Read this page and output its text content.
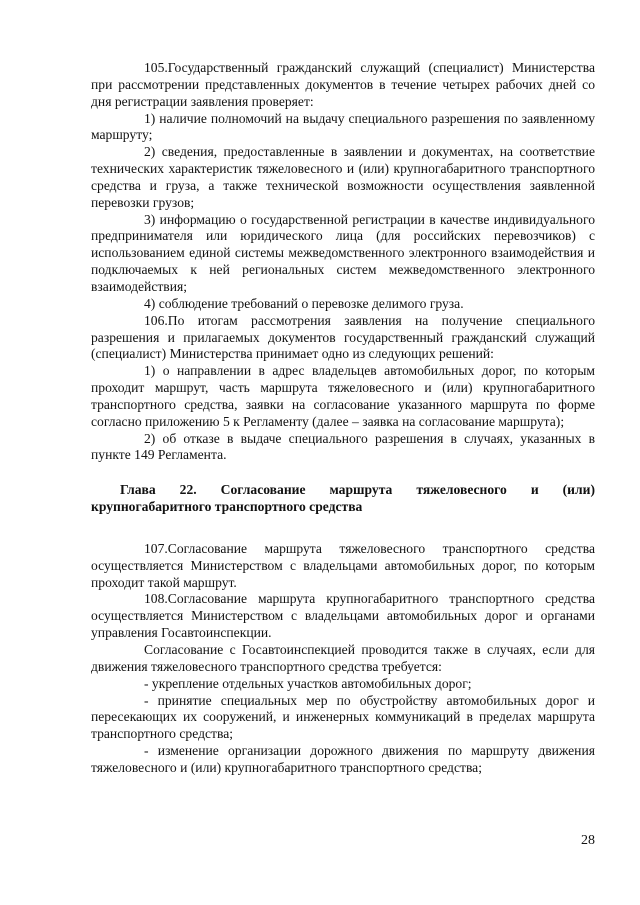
105.Государственный гражданский служащий (специалист) Министерства при рассмотрении представленных документов в течение четырех рабочих дней со дня регистрации заявления проверяет:

1) наличие полномочий на выдачу специального разрешения по заявленному маршруту;

2) сведения, предоставленные в заявлении и документах, на соответствие технических характеристик тяжеловесного и (или) крупногабаритного транспортного средства и груза, а также технической возможности осуществления заявленной перевозки грузов;

3) информацию о государственной регистрации в качестве индивидуального предпринимателя или юридического лица (для российских перевозчиков) с использованием единой системы межведомственного электронного взаимодействия и подключаемых к ней региональных систем межведомственного электронного взаимодействия;

4) соблюдение требований о перевозке делимого груза.

106.По итогам рассмотрения заявления на получение специального разрешения и прилагаемых документов государственный гражданский служащий (специалист) Министерства принимает одно из следующих решений:

1) о направлении в адрес владельцев автомобильных дорог, по которым проходит маршрут, часть маршрута тяжеловесного и (или) крупногабаритного транспортного средства, заявки на согласование указанного маршрута по форме согласно приложению 5 к Регламенту (далее – заявка на согласование маршрута);

2) об отказе в выдаче специального разрешения в случаях, указанных в пункте 149 Регламента.

Глава 22. Согласование маршрута тяжеловесного и (или) крупногабаритного транспортного средства

107.Согласование маршрута тяжеловесного транспортного средства осуществляется Министерством с владельцами автомобильных дорог, по которым проходит такой маршрут.

108.Согласование маршрута крупногабаритного транспортного средства осуществляется Министерством с владельцами автомобильных дорог и органами управления Госавтоинспекции.

Согласование с Госавтоинспекцией проводится также в случаях, если для движения тяжеловесного транспортного средства требуется:

- укрепление отдельных участков автомобильных дорог;

- принятие специальных мер по обустройству автомобильных дорог и пересекающих их сооружений, и инженерных коммуникаций в пределах маршрута транспортного средства;

- изменение организации дорожного движения по маршруту движения тяжеловесного и (или) крупногабаритного транспортного средства;

28
